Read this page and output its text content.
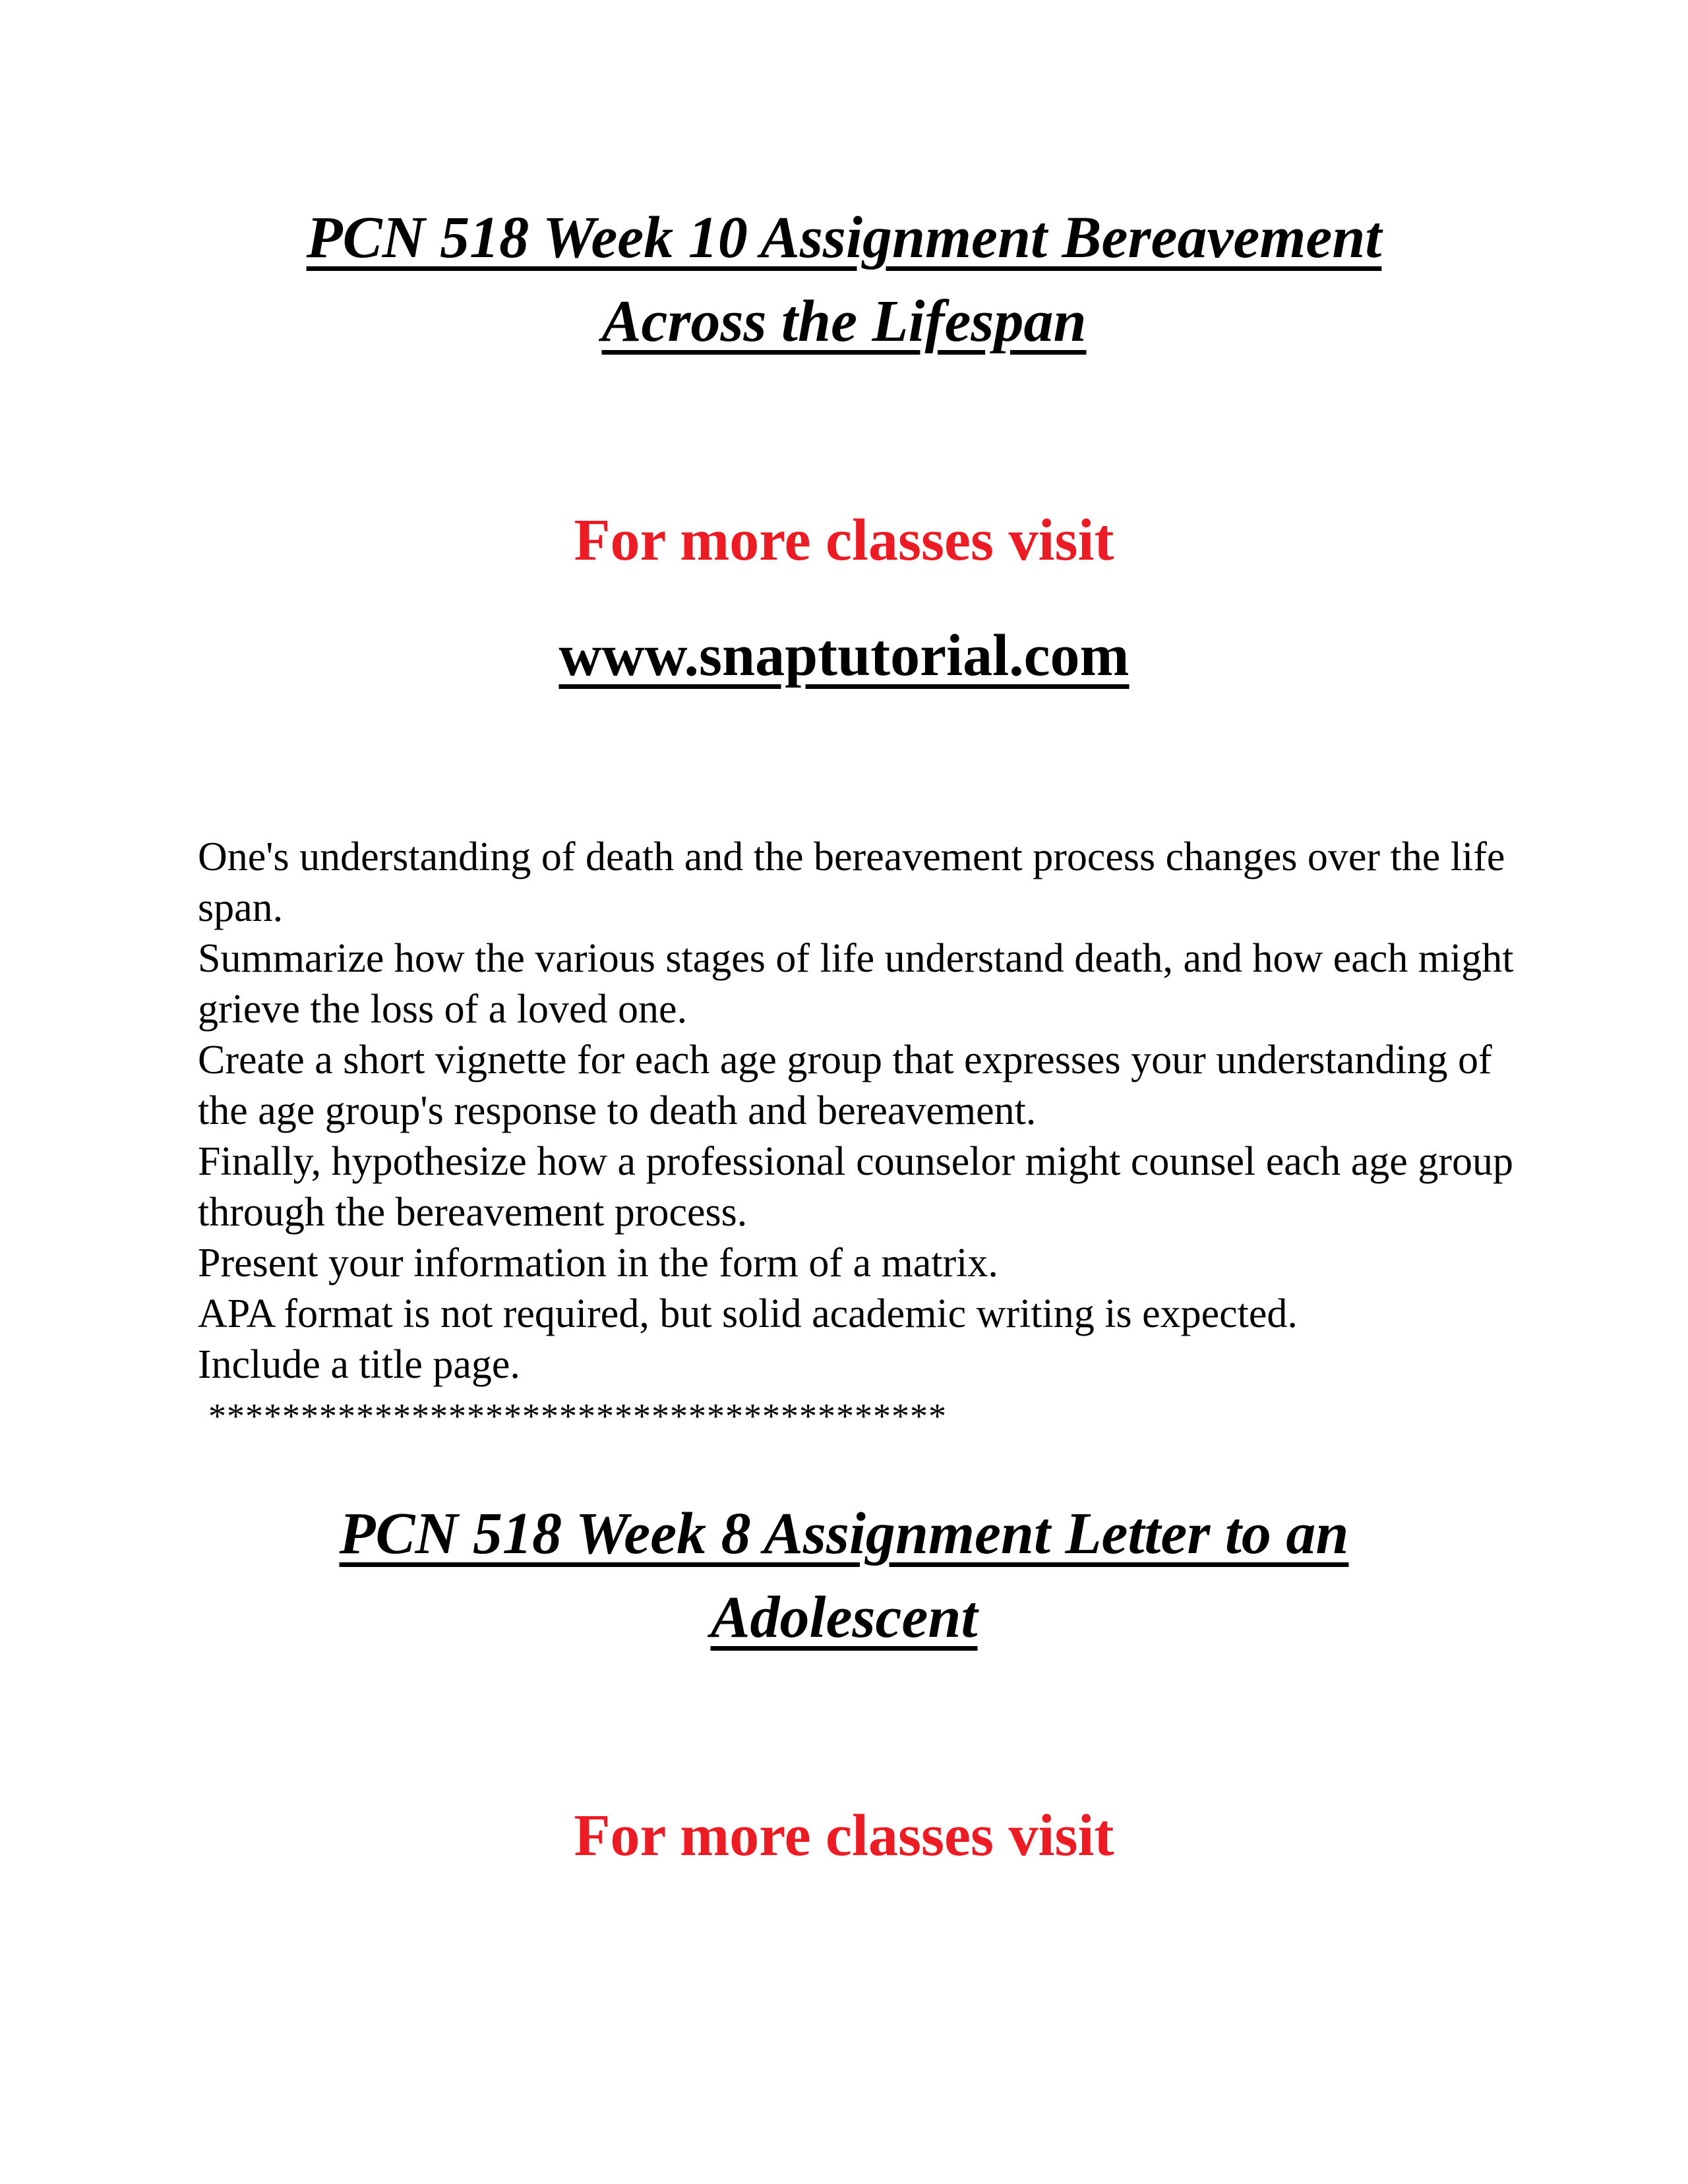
PCN 518 Week 10 Assignment Bereavement
Across the Lifespan

For more classes visit

www.snaptutorial.com

One's understanding of death and the bereavement process changes over the life span.

Summarize how the various stages of life understand death, and how each might grieve the loss of a loved one.

Create a short vignette for each age group that expresses your understanding of the age group's response to death and bereavement.

Finally, hypothesize how a professional counselor might counsel each age group through the bereavement process.

Present your information in the form of a matrix.

APA format is not required, but solid academic writing is expected.

Include a title page.

****************************************

PCN 518 Week 8 Assignment Letter to an
Adolescent

For more classes visit
